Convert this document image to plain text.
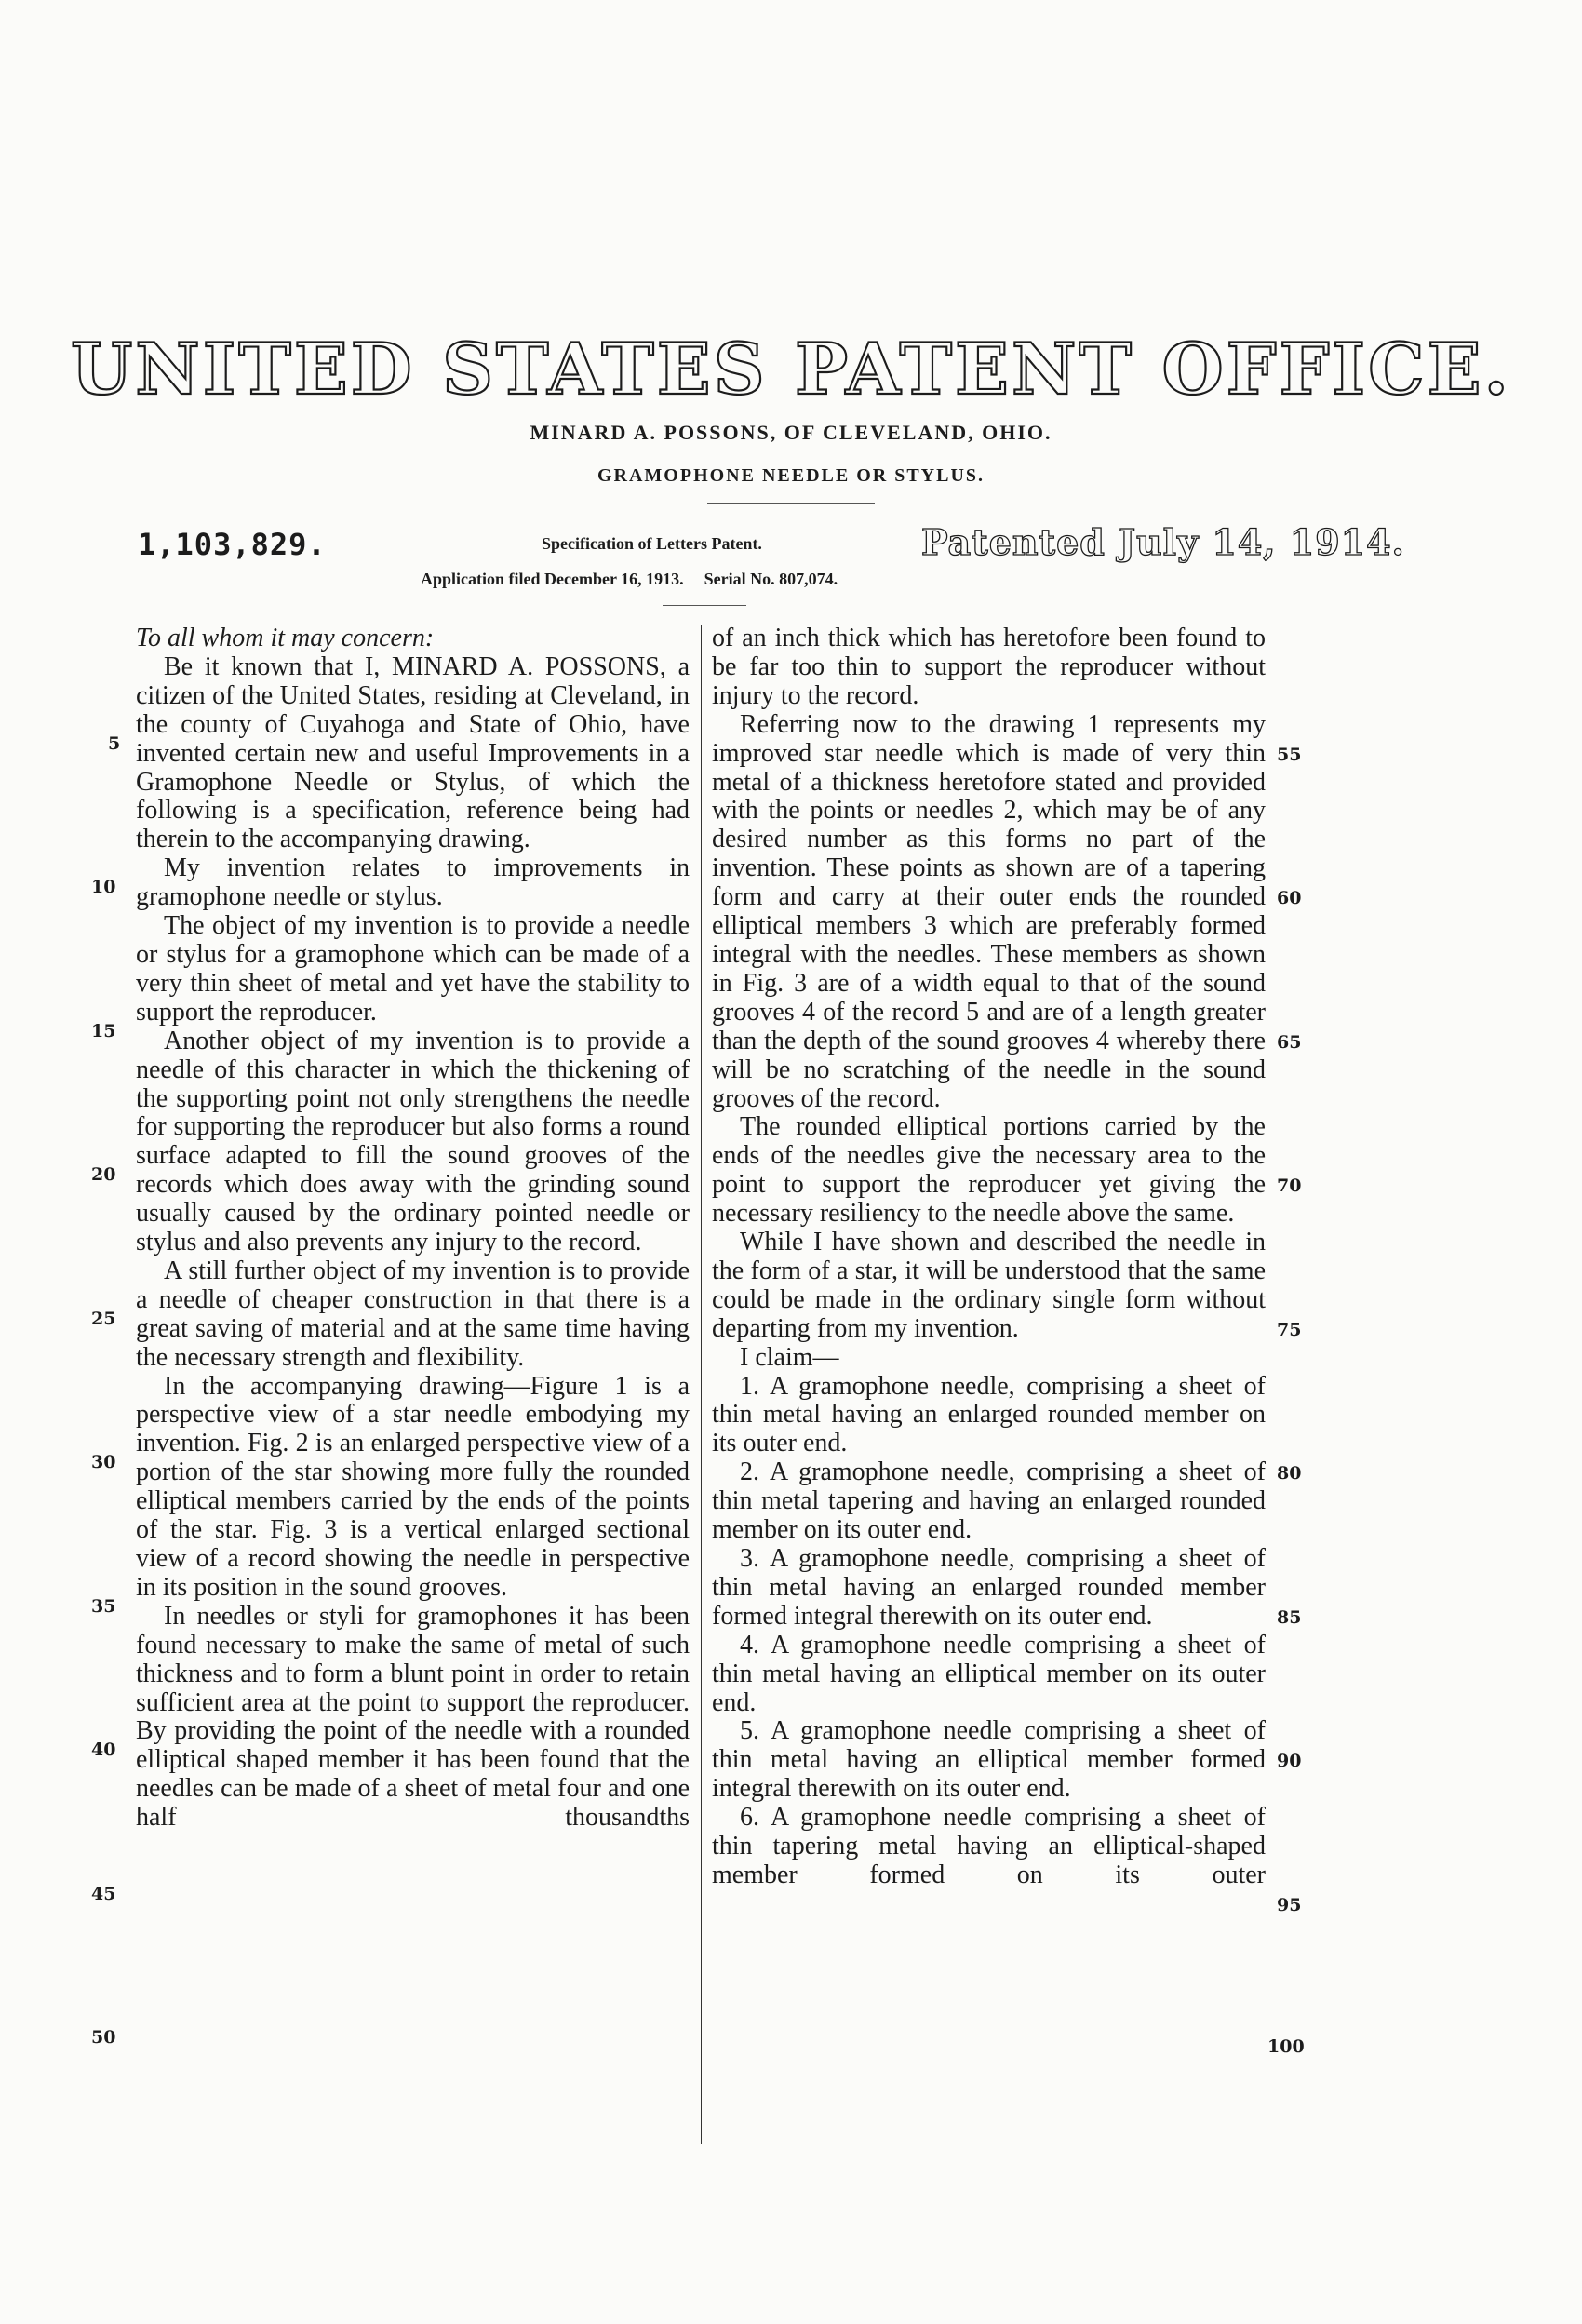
UNITED STATES PATENT OFFICE.
MINARD A. POSSONS, OF CLEVELAND, OHIO.
GRAMOPHONE NEEDLE OR STYLUS.
1,103,829.	Specification of Letters Patent.	Patented July 14, 1914.
Application filed December 16, 1913. Serial No. 807,074.

To all whom it may concern:

Be it known that I, MINARD A. POSSONS, a citizen of the United States, residing at Cleveland, in the county of Cuyahoga and State of Ohio, have invented certain new and useful Improvements in a Gramophone Needle or Stylus, of which the following is a specification, reference being had therein to the accompanying drawing.

My invention relates to improvements in gramophone needle or stylus.

The object of my invention is to provide a needle or stylus for a gramophone which can be made of a very thin sheet of metal and yet have the stability to support the reproducer.

Another object of my invention is to provide a needle of this character in which the thickening of the supporting point not only strengthens the needle for supporting the reproducer but also forms a round surface adapted to fill the sound grooves of the records which does away with the grinding sound usually caused by the ordinary pointed needle or stylus and also prevents any injury to the record.

A still further object of my invention is to provide a needle of cheaper construction in that there is a great saving of material and at the same time having the necessary strength and flexibility.

In the accompanying drawing—Figure 1 is a perspective view of a star needle embodying my invention. Fig. 2 is an enlarged perspective view of a portion of the star showing more fully the rounded elliptical members carried by the ends of the points of the star. Fig. 3 is a vertical enlarged sectional view of a record showing the needle in perspective in its position in the sound grooves.

In needles or styli for gramophones it has been found necessary to make the same of metal of such thickness and to form a blunt point in order to retain sufficient area at the point to support the reproducer. By providing the point of the needle with a rounded elliptical shaped member it has been found that the needles can be made of a sheet of metal four and one half thousandths

of an inch thick which has heretofore been found to be far too thin to support the reproducer without injury to the record.

Referring now to the drawing 1 represents my improved star needle which is made of very thin metal of a thickness heretofore stated and provided with the points or needles 2, which may be of any desired number as this forms no part of the invention. These points as shown are of a tapering form and carry at their outer ends the rounded elliptical members 3 which are preferably formed integral with the needles. These members as shown in Fig. 3 are of a width equal to that of the sound grooves 4 of the record 5 and are of a length greater than the depth of the sound grooves 4 whereby there will be no scratching of the needle in the sound grooves of the record.

The rounded elliptical portions carried by the ends of the needles give the necessary area to the point to support the reproducer yet giving the necessary resiliency to the needle above the same.

While I have shown and described the needle in the form of a star, it will be understood that the same could be made in the ordinary single form without departing from my invention.

I claim—

1. A gramophone needle, comprising a sheet of thin metal having an enlarged rounded member on its outer end.

2. A gramophone needle, comprising a sheet of thin metal tapering and having an enlarged rounded member on its outer end.

3. A gramophone needle, comprising a sheet of thin metal having an enlarged rounded member formed integral therewith on its outer end.

4. A gramophone needle comprising a sheet of thin metal having an elliptical member on its outer end.

5. A gramophone needle comprising a sheet of thin metal having an elliptical member formed integral therewith on its outer end.

6. A gramophone needle comprising a sheet of thin tapering metal having an elliptical-shaped member formed on its outer

5
10
15
20
25
30
35
40
45
50
55
60
65
70
75
80
85
90
95
100
